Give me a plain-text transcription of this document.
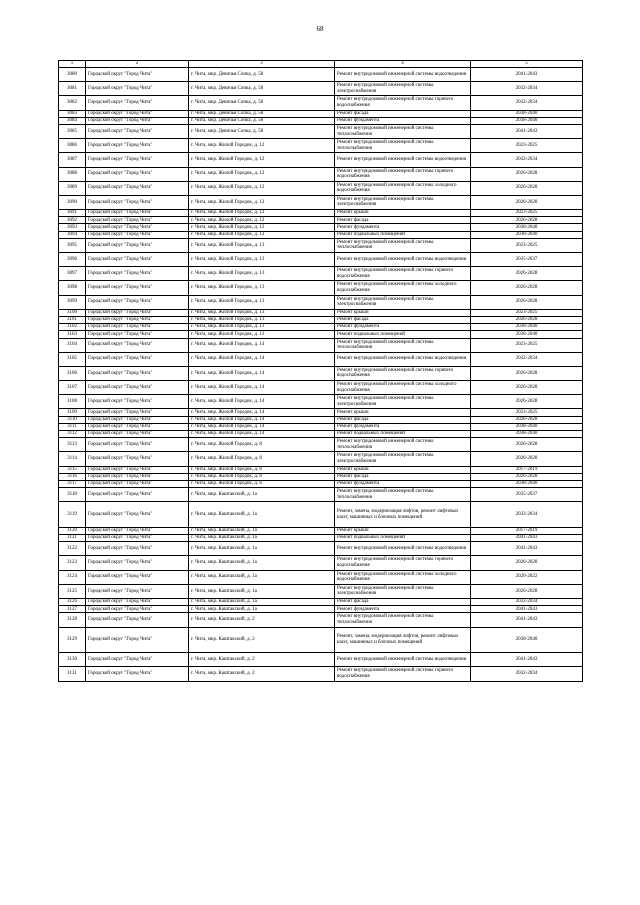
68
1	2	3	4	5
3080	Городской округ "Город Чита"	г. Чита, мкр. Девичья Сопка, д. 58	Ремонт внутридомовой инженерной системы водоотведения	2041-2043
3081	Городской округ "Город Чита"	г. Чита, мкр. Девичья Сопка, д. 58	Ремонт внутридомовой инженерной системы электроснабжения	2032-2034
3082	Городской округ "Город Чита"	г. Чита, мкр. Девичья Сопка, д. 58	Ремонт внутридомовой инженерной системы горячего водоснабжения	2032-2034
3083	Городской округ "Город Чита"	г. Чита, мкр. Девичья Сопка, д. 58	Ремонт фасада	2038-2040
3084	Городской округ "Город Чита"	г. Чита, мкр. Девичья Сопка, д. 58	Ремонт фундамента	2038-2040
3085	Городской округ "Город Чита"	г. Чита, мкр. Девичья Сопка, д. 58	Ремонт внутридомовой инженерной системы теплоснабжения	2041-2043
3086	Городской округ "Город Чита"	г. Чита, мкр. Жилой Городок, д. 12	Ремонт внутридомовой инженерной системы теплоснабжения	2023-2025
3087	Городской округ "Город Чита"	г. Чита, мкр. Жилой Городок, д. 12	Ремонт внутридомовой инженерной системы водоотведения	2032-2034
3088	Городской округ "Город Чита"	г. Чита, мкр. Жилой Городок, д. 12	Ремонт внутридомовой инженерной системы горячего водоснабжения	2026-2028
3089	Городской округ "Город Чита"	г. Чита, мкр. Жилой Городок, д. 12	Ремонт внутридомовой инженерной системы холодного водоснабжения	2026-2028
3090	Городской округ "Город Чита"	г. Чита, мкр. Жилой Городок, д. 12	Ремонт внутридомовой инженерной системы электроснабжения	2026-2028
3091	Городской округ "Город Чита"	г. Чита, мкр. Жилой Городок, д. 12	Ремонт крыши	2023-2025
3092	Городской округ "Город Чита"	г. Чита, мкр. Жилой Городок, д. 12	Ремонт фасада	2026-2028
3093	Городской округ "Город Чита"	г. Чита, мкр. Жилой Городок, д. 12	Ремонт фундамента	2038-2040
3094	Городской округ "Город Чита"	г. Чита, мкр. Жилой Городок, д. 12	Ремонт подвальных помещений	2038-2040
3095	Городской округ "Город Чита"	г. Чита, мкр. Жилой Городок, д. 13	Ремонт внутридомовой инженерной системы теплоснабжения	2023-2025
3096	Городской округ "Город Чита"	г. Чита, мкр. Жилой Городок, д. 13	Ремонт внутридомовой инженерной системы водоотведения	2035-2037
3097	Городской округ "Город Чита"	г. Чита, мкр. Жилой Городок, д. 13	Ремонт внутридомовой инженерной системы горячего водоснабжения	2026-2028
3098	Городской округ "Город Чита"	г. Чита, мкр. Жилой Городок, д. 13	Ремонт внутридомовой инженерной системы холодного водоснабжения	2026-2028
3099	Городской округ "Город Чита"	г. Чита, мкр. Жилой Городок, д. 13	Ремонт внутридомовой инженерной системы электроснабжения	2026-2028
3100	Городской округ "Город Чита"	г. Чита, мкр. Жилой Городок, д. 13	Ремонт крыши	2023-2025
3101	Городской округ "Город Чита"	г. Чита, мкр. Жилой Городок, д. 13	Ремонт фасада	2026-2028
3102	Городской округ "Город Чита"	г. Чита, мкр. Жилой Городок, д. 13	Ремонт фундамента	2038-2040
3103	Городской округ "Город Чита"	г. Чита, мкр. Жилой Городок, д. 13	Ремонт подвальных помещений	2038-2040
3104	Городской округ "Город Чита"	г. Чита, мкр. Жилой Городок, д. 14	Ремонт внутридомовой инженерной системы теплоснабжения	2023-2025
3105	Городской округ "Город Чита"	г. Чита, мкр. Жилой Городок, д. 14	Ремонт внутридомовой инженерной системы водоотведения	2032-2034
3106	Городской округ "Город Чита"	г. Чита, мкр. Жилой Городок, д. 14	Ремонт внутридомовой инженерной системы горячего водоснабжения	2026-2028
3107	Городской округ "Город Чита"	г. Чита, мкр. Жилой Городок, д. 14	Ремонт внутридомовой инженерной системы холодного водоснабжения	2026-2028
3108	Городской округ "Город Чита"	г. Чита, мкр. Жилой Городок, д. 14	Ремонт внутридомовой инженерной системы электроснабжения	2026-2028
3109	Городской округ "Город Чита"	г. Чита, мкр. Жилой Городок, д. 14	Ремонт крыши	2023-2025
3110	Городской округ "Город Чита"	г. Чита, мкр. Жилой Городок, д. 14	Ремонт фасада	2026-2028
3111	Городской округ "Город Чита"	г. Чита, мкр. Жилой Городок, д. 14	Ремонт фундамента	2038-2040
3112	Городской округ "Город Чита"	г. Чита, мкр. Жилой Городок, д. 14	Ремонт подвальных помещений	2038-2040
3113	Городской округ "Город Чита"	г. Чита, мкр. Жилой Городок, д. 8	Ремонт внутридомовой инженерной системы теплоснабжения	2026-2028
3114	Городской округ "Город Чита"	г. Чита, мкр. Жилой Городок, д. 8	Ремонт внутридомовой инженерной системы электроснабжения	2026-2028
3115	Городской округ "Город Чита"	г. Чита, мкр. Жилой Городок, д. 8	Ремонт крыши	2017-2019
3116	Городской округ "Город Чита"	г. Чита, мкр. Жилой Городок, д. 8	Ремонт фасада	2026-2028
3117	Городской округ "Город Чита"	г. Чита, мкр. Жилой Городок, д. 8	Ремонт фундамента	2038-2040
3118	Городской округ "Город Чита"	г. Чита, мкр. Каштакский, д. 1а	Ремонт внутридомовой инженерной системы теплоснабжения	2035-2037
3119	Городской округ "Город Чита"	г. Чита, мкр. Каштакский, д. 1а	Ремонт, замена, модернизация лифтов, ремонт лифтовых шахт, машинных и блочных помещений	2032-2034
3120	Городской округ "Город Чита"	г. Чита, мкр. Каштакский, д. 1а	Ремонт крыши	2017-2019
3121	Городской округ "Город Чита"	г. Чита, мкр. Каштакский, д. 1а	Ремонт подвальных помещений	2041-2043
3122	Городской округ "Город Чита"	г. Чита, мкр. Каштакский, д. 1а	Ремонт внутридомовой инженерной системы водоотведения	2041-2043
3123	Городской округ "Город Чита"	г. Чита, мкр. Каштакский, д. 1а	Ремонт внутридомовой инженерной системы горячего водоснабжения	2026-2028
3124	Городской округ "Город Чита"	г. Чита, мкр. Каштакский, д. 1а	Ремонт внутридомовой инженерной системы холодного водоснабжения	2020-2022
3125	Городской округ "Город Чита"	г. Чита, мкр. Каштакский, д. 1а	Ремонт внутридомовой инженерной системы электроснабжения	2026-2028
3126	Городской округ "Город Чита"	г. Чита, мкр. Каштакский, д. 1а	Ремонт фасада	2032-2034
3127	Городской округ "Город Чита"	г. Чита, мкр. Каштакский, д. 1а	Ремонт фундамента	2041-2043
3128	Городской округ "Город Чита"	г. Чита, мкр. Каштакский, д. 2	Ремонт внутридомовой инженерной системы теплоснабжения	2041-2043
3129	Городской округ "Город Чита"	г. Чита, мкр. Каштакский, д. 2	Ремонт, замена, модернизация лифтов, ремонт лифтовых шахт, машинных и блочных помещений	2038-2040
3130	Городской округ "Город Чита"	г. Чита, мкр. Каштакский, д. 2	Ремонт внутридомовой инженерной системы водоотведения	2041-2043
3131	Городской округ "Город Чита"	г. Чита, мкр. Каштакский, д. 2	Ремонт внутридомовой инженерной системы горячего водоснабжения	2032-2034
